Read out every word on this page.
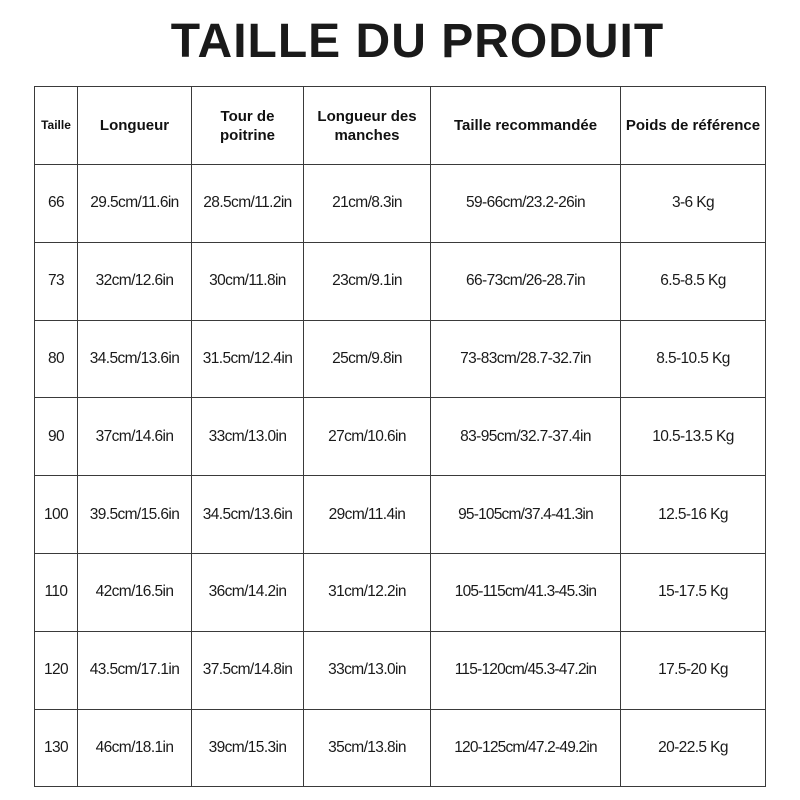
TAILLE DU PRODUIT
Taille	Longueur	Tour de poitrine	Longueur des manches	Taille recommandée	Poids de référence
66	29.5cm/11.6in	28.5cm/11.2in	21cm/8.3in	59-66cm/23.2-26in	3-6 Kg
73	32cm/12.6in	30cm/11.8in	23cm/9.1in	66-73cm/26-28.7in	6.5-8.5 Kg
80	34.5cm/13.6in	31.5cm/12.4in	25cm/9.8in	73-83cm/28.7-32.7in	8.5-10.5 Kg
90	37cm/14.6in	33cm/13.0in	27cm/10.6in	83-95cm/32.7-37.4in	10.5-13.5 Kg
100	39.5cm/15.6in	34.5cm/13.6in	29cm/11.4in	95-105cm/37.4-41.3in	12.5-16 Kg
110	42cm/16.5in	36cm/14.2in	31cm/12.2in	105-115cm/41.3-45.3in	15-17.5 Kg
120	43.5cm/17.1in	37.5cm/14.8in	33cm/13.0in	115-120cm/45.3-47.2in	17.5-20 Kg
130	46cm/18.1in	39cm/15.3in	35cm/13.8in	120-125cm/47.2-49.2in	20-22.5 Kg
